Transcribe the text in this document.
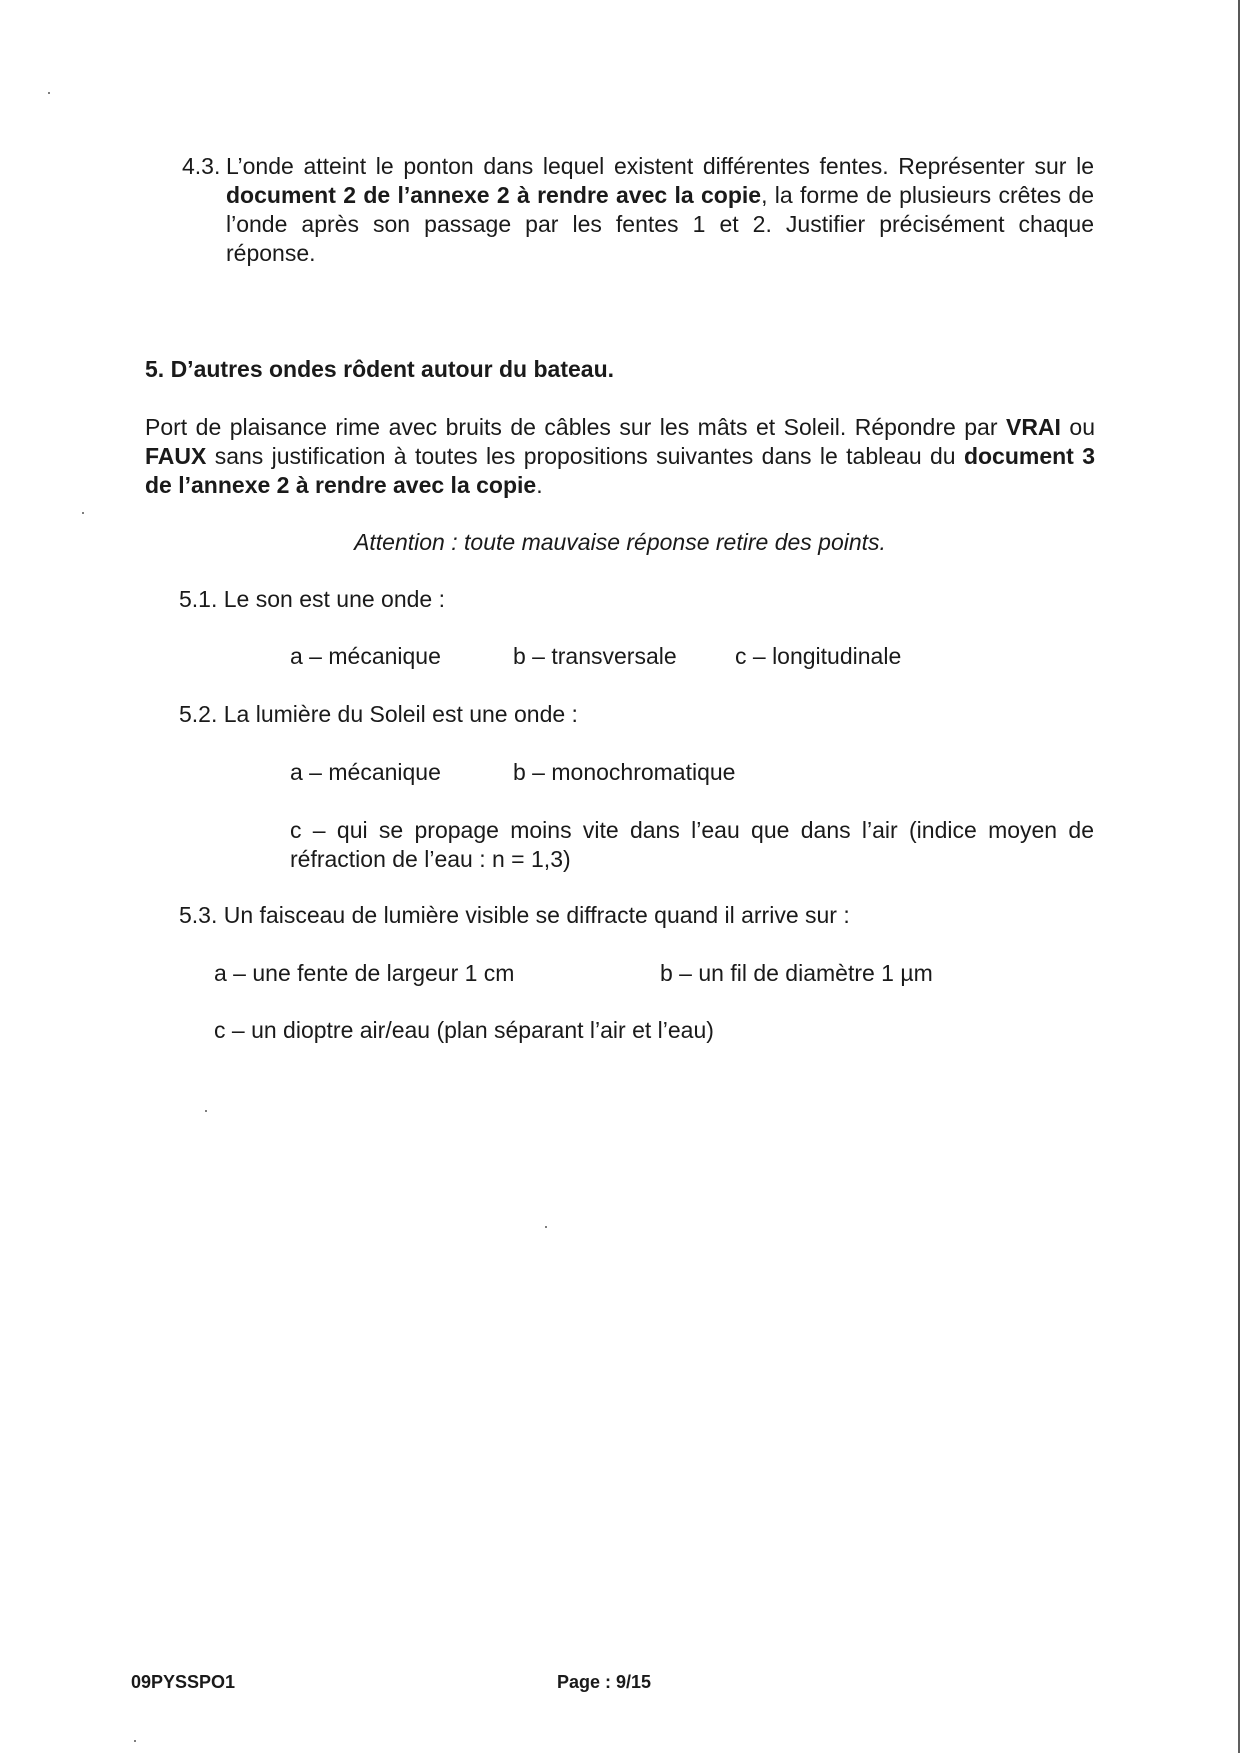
4.3. L’onde atteint le ponton dans lequel existent différentes fentes. Représenter sur le document 2 de l’annexe 2 à rendre avec la copie, la forme de plusieurs crêtes de l’onde après son passage par les fentes 1 et 2. Justifier précisément chaque réponse.
5. D’autres ondes rôdent autour du bateau.
Port de plaisance rime avec bruits de câbles sur les mâts et Soleil. Répondre par VRAI ou FAUX sans justification à toutes les propositions suivantes dans le tableau du document 3 de l’annexe 2 à rendre avec la copie.
Attention : toute mauvaise réponse retire des points.
5.1. Le son est une onde :
a – mécanique	b – transversale	c – longitudinale
5.2. La lumière du Soleil est une onde :
a – mécanique	b – monochromatique
c – qui se propage moins vite dans l’eau que dans l’air (indice moyen de réfraction de l’eau : n = 1,3)
5.3. Un faisceau de lumière visible se diffracte quand il arrive sur :
a – une fente de largeur 1 cm	b – un fil de diamètre 1 µm
c – un dioptre air/eau (plan séparant l’air et l’eau)
09PYSSPO1	Page : 9/15
